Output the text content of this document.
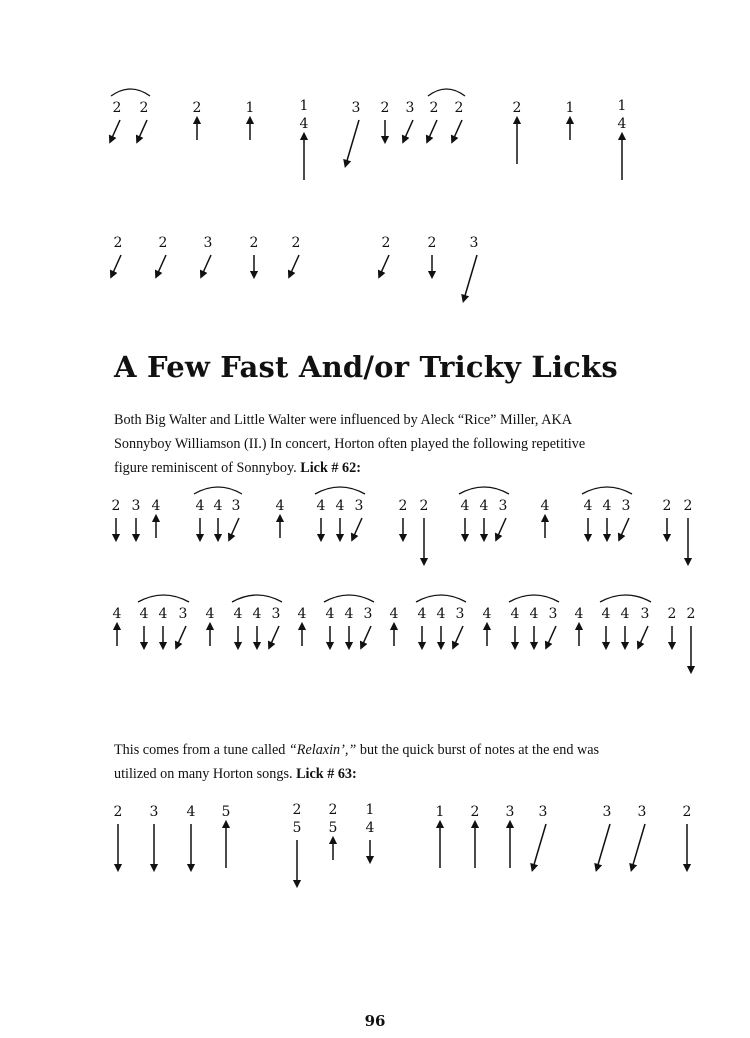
2 2	2	1	1
4
3 2 3 2 2	2	1	1
4
2	2	3	2 2	2	2 3
2 3 4	4 4 3	4 4 4 3	2 2 4 4 3 4 4 4 3 2 2
4 4 4 3 4 4 4 3 4 4 4 3 4 4 4 3 4 4 4 3 4 4 4 3 2 2
2 3 4 5	2
5
2
5
1
4
1 2 3 3	3 3	2
A Few Fast And/or Tricky Licks
Both Big Walter and Little Walter were influenced by Aleck “Rice” Miller, AKA
Sonnyboy Williamson (II.) In concert, Horton often played the following repetitive
figure reminiscent of Sonnyboy. Lick # 62:
This comes from a tune called “Relaxin’,” but the quick burst of notes at the end was
utilized on many Horton songs. Lick # 63:
96
